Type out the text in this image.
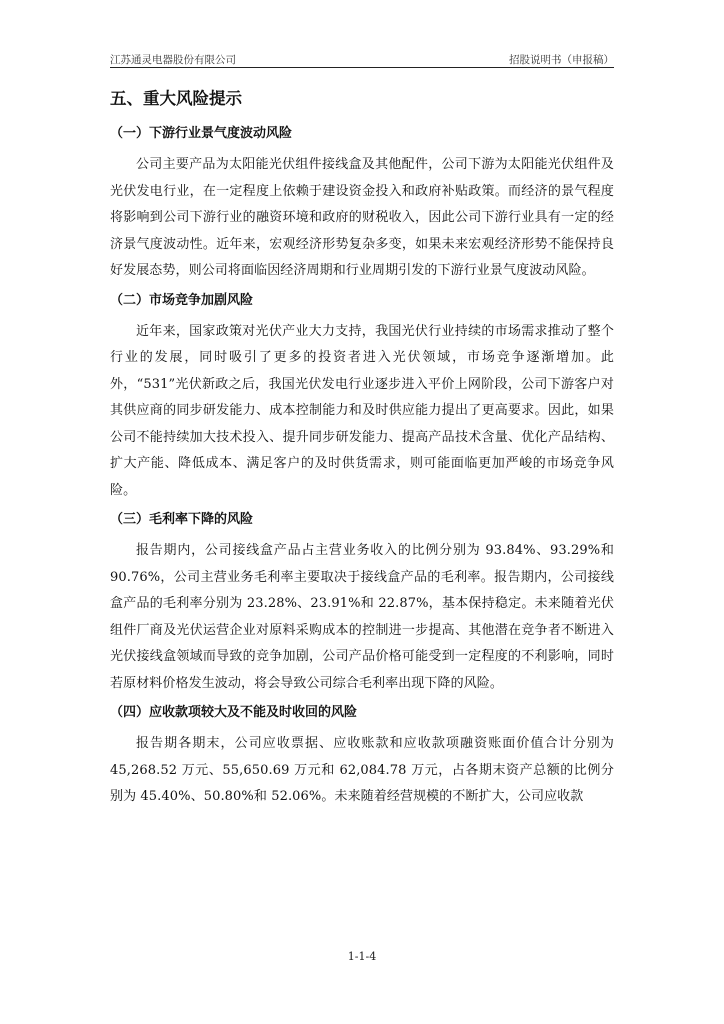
江苏通灵电器股份有限公司	招股说明书（申报稿）
五、重大风险提示
（一）下游行业景气度波动风险

公司主要产品为太阳能光伏组件接线盒及其他配件，公司下游为太阳能光伏组件及光伏发电行业，在一定程度上依赖于建设资金投入和政府补贴政策。而经济的景气程度将影响到公司下游行业的融资环境和政府的财税收入，因此公司下游行业具有一定的经济景气度波动性。近年来，宏观经济形势复杂多变，如果未来宏观经济形势不能保持良好发展态势，则公司将面临因经济周期和行业周期引发的下游行业景气度波动风险。

（二）市场竞争加剧风险

近年来，国家政策对光伏产业大力支持，我国光伏行业持续的市场需求推动了整个行业的发展，同时吸引了更多的投资者进入光伏领域，市场竞争逐渐增加。此外，“531”光伏新政之后，我国光伏发电行业逐步进入平价上网阶段，公司下游客户对其供应商的同步研发能力、成本控制能力和及时供应能力提出了更高要求。因此，如果公司不能持续加大技术投入、提升同步研发能力、提高产品技术含量、优化产品结构、扩大产能、降低成本、满足客户的及时供货需求，则可能面临更加严峻的市场竞争风险。

（三）毛利率下降的风险

报告期内，公司接线盒产品占主营业务收入的比例分别为 93.84%、93.29%和 90.76%，公司主营业务毛利率主要取决于接线盒产品的毛利率。报告期内，公司接线盒产品的毛利率分别为 23.28%、23.91%和 22.87%，基本保持稳定。未来随着光伏组件厂商及光伏运营企业对原料采购成本的控制进一步提高、其他潜在竞争者不断进入光伏接线盒领域而导致的竞争加剧，公司产品价格可能受到一定程度的不利影响，同时若原材料价格发生波动，将会导致公司综合毛利率出现下降的风险。

（四）应收款项较大及不能及时收回的风险

报告期各期末，公司应收票据、应收账款和应收款项融资账面价值合计分别为 45,268.52 万元、55,650.69 万元和 62,084.78 万元，占各期末资产总额的比例分别为 45.40%、50.80%和 52.06%。未来随着经营规模的不断扩大，公司应收款

1-1-4
